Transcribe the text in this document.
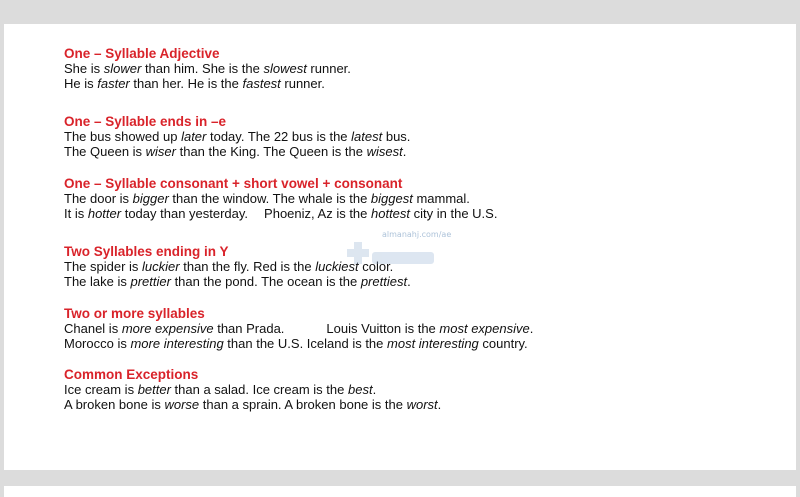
One – Syllable Adjective

She is slower than him. She is the slowest runner.

He is faster than her. He is the fastest runner.

One – Syllable ends in –e

The bus showed up later today. The 22 bus is the latest bus.

The Queen is wiser than the King. The Queen is the wisest.

One – Syllable consonant + short vowel + consonant

The door is bigger than the window. The whale is the biggest mammal.

It is hotter today than yesterday. Phoeniz, Az is the hottest city in the U.S.

Two Syllables ending in Y

The spider is luckier than the fly. Red is the luckiest color.

The lake is prettier than the pond. The ocean is the prettiest.

Two or more syllables

Chanel is more expensive than Prada.	Louis Vuitton is the most expensive.

Morocco is more interesting than the U.S. Iceland is the most interesting country.

Common Exceptions

Ice cream is better than a salad. Ice cream is the best.

A broken bone is worse than a sprain. A broken bone is the worst.

almanahj.com/ae
